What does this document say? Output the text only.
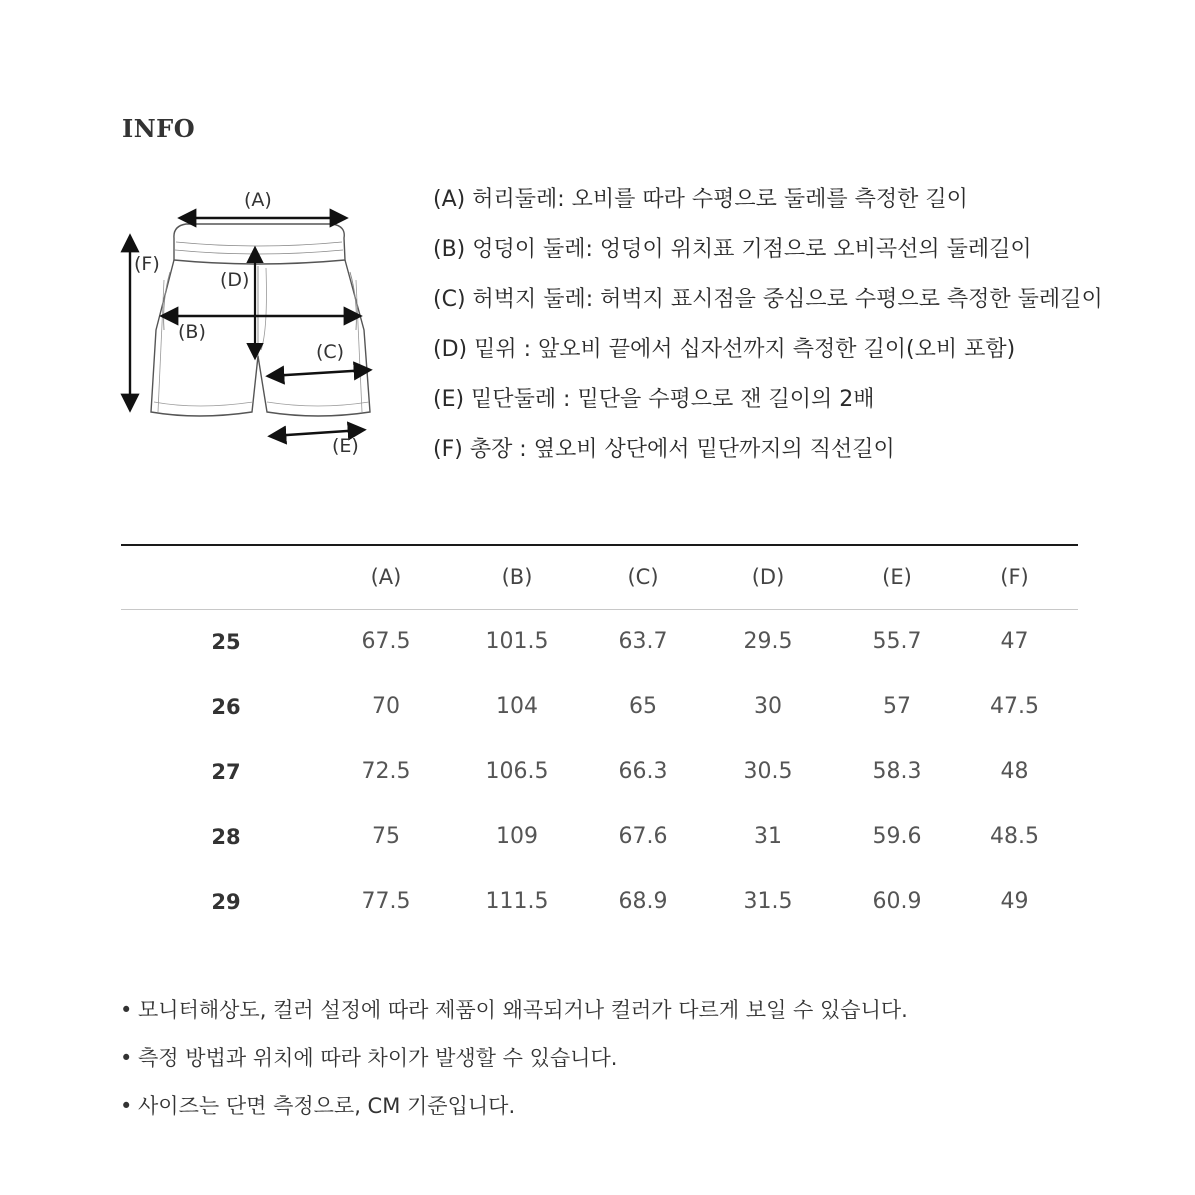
INFO
(A)
(F)
(D)
(B)
(C)
(E)
(A) 허리둘레: 오비를 따라 수평으로 둘레를 측정한 길이
(B) 엉덩이 둘레: 엉덩이 위치표 기점으로 오비곡선의 둘레길이
(C) 허벅지 둘레: 허벅지 표시점을 중심으로 수평으로 측정한 둘레길이
(D) 밑위 : 앞오비 끝에서 십자선까지 측정한 길이(오비 포함)
(E) 밑단둘레 : 밑단을 수평으로 잰 길이의 2배
(F) 총장 : 옆오비 상단에서 밑단까지의 직선길이
	(A)	(B)	(C)	(D)	(E)	(F)
25	67.5	101.5	63.7	29.5	55.7	47
26	70	104	65	30	57	47.5
27	72.5	106.5	66.3	30.5	58.3	48
28	75	109	67.6	31	59.6	48.5
29	77.5	111.5	68.9	31.5	60.9	49
• 모니터해상도, 컬러 설정에 따라 제품이 왜곡되거나 컬러가 다르게 보일 수 있습니다.
• 측정 방법과 위치에 따라 차이가 발생할 수 있습니다.
• 사이즈는 단면 측정으로, CM 기준입니다.
